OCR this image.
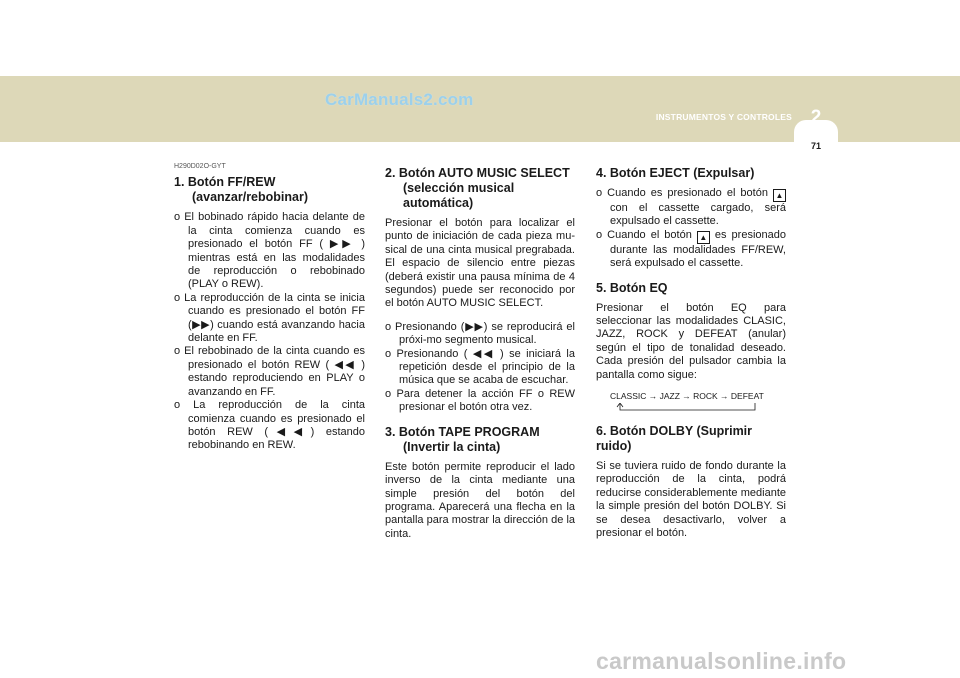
CarManuals2.com
2
INSTRUMENTOS Y CONTROLES
71
H290D02O-GYT
1. Botón FF/REW (avanzar/rebobinar)

o El bobinado rápido hacia delante de la cinta comienza cuando es presionado el botón FF ( ▶▶ ) mientras está en las modalidades de reproducción o rebobinado (PLAY o REW).

o La reproducción de la cinta se inicia cuando es presionado el botón FF (▶▶) cuando está avanzando hacia delante en FF.

o El rebobinado de la cinta cuando es presionado el botón REW ( ◀◀ ) estando reproduciendo en PLAY o avanzando en FF.

o La reproducción de la cinta comienza cuando es presionado el botón REW (◀◀) estando rebobinando en REW.

2. Botón AUTO MUSIC SELECT (selección musical automática)

Presionar el botón para localizar el punto de iniciación de cada pieza mu-sical de una cinta musical pregrabada. El espacio de silencio entre piezas (deberá existir una pausa mínima de 4 segundos) puede ser reconocido por el botón AUTO MUSIC SELECT.

o Presionando (▶▶) se reproducirá el próxi-mo segmento musical.

o Presionando ( ◀◀ ) se iniciará la repetición desde el principio de la música que se acaba de escuchar.

o Para detener la acción FF o REW presionar el botón otra vez.

3. Botón TAPE PROGRAM (Invertir la cinta)

Este botón permite reproducir el lado inverso de la cinta mediante una simple presión del botón del programa. Aparecerá una flecha en la pantalla para mostrar la dirección de la cinta.

4. Botón EJECT (Expulsar)

o Cuando es presionado el botón ▲ con el cassette cargado, será expulsado el cassette.

o Cuando el botón ▲ es presionado durante las modalidades FF/REW, será expulsado el cassette.

5. Botón EQ

Presionar el botón EQ para seleccionar las modalidades CLASIC, JAZZ, ROCK y DEFEAT (anular) según el tipo de tonalidad deseado. Cada presión del pulsador cambia la pantalla como sigue:

CLASSIC → JAZZ → ROCK → DEFEAT
6. Botón DOLBY (Suprimir ruido)

Si se tuviera ruido de fondo durante la reproducción de la cinta, podrá reducirse considerablemente mediante la simple presión del botón DOLBY. Si se desea desactivarlo, volver a presionar el botón.

carmanualsonline.info
